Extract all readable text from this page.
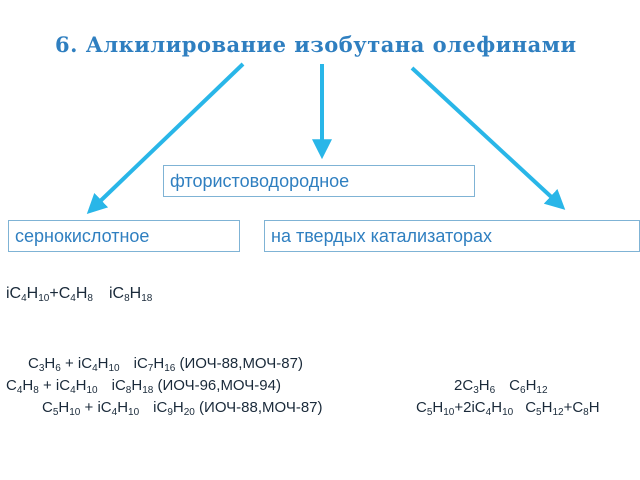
6. Алкилирование изобутана олефинами
фтористоводородное
сернокислотное	на твердых катализаторах
$iC_4H_{10}+C_4H_8$ $iC_8H_{18}$
$C_3H_6 + iC_4H_{10}$ $iC_7H_{16}$ (ИОЧ-88,МОЧ-87)
$C_4H_8 + iC_4H_{10}$ $iC_8H_{18}$ (ИОЧ-96,МОЧ-94)	$2C_3H_6$ $C_6H_{12}$
$C_5H_{10} + iC_4H_{10}$ $iC_9H_{20}$ (ИОЧ-88,МОЧ-87)	$C_5H_{10}+2iC_4H_{10}$ $C_5H_{12}+C_8H$
